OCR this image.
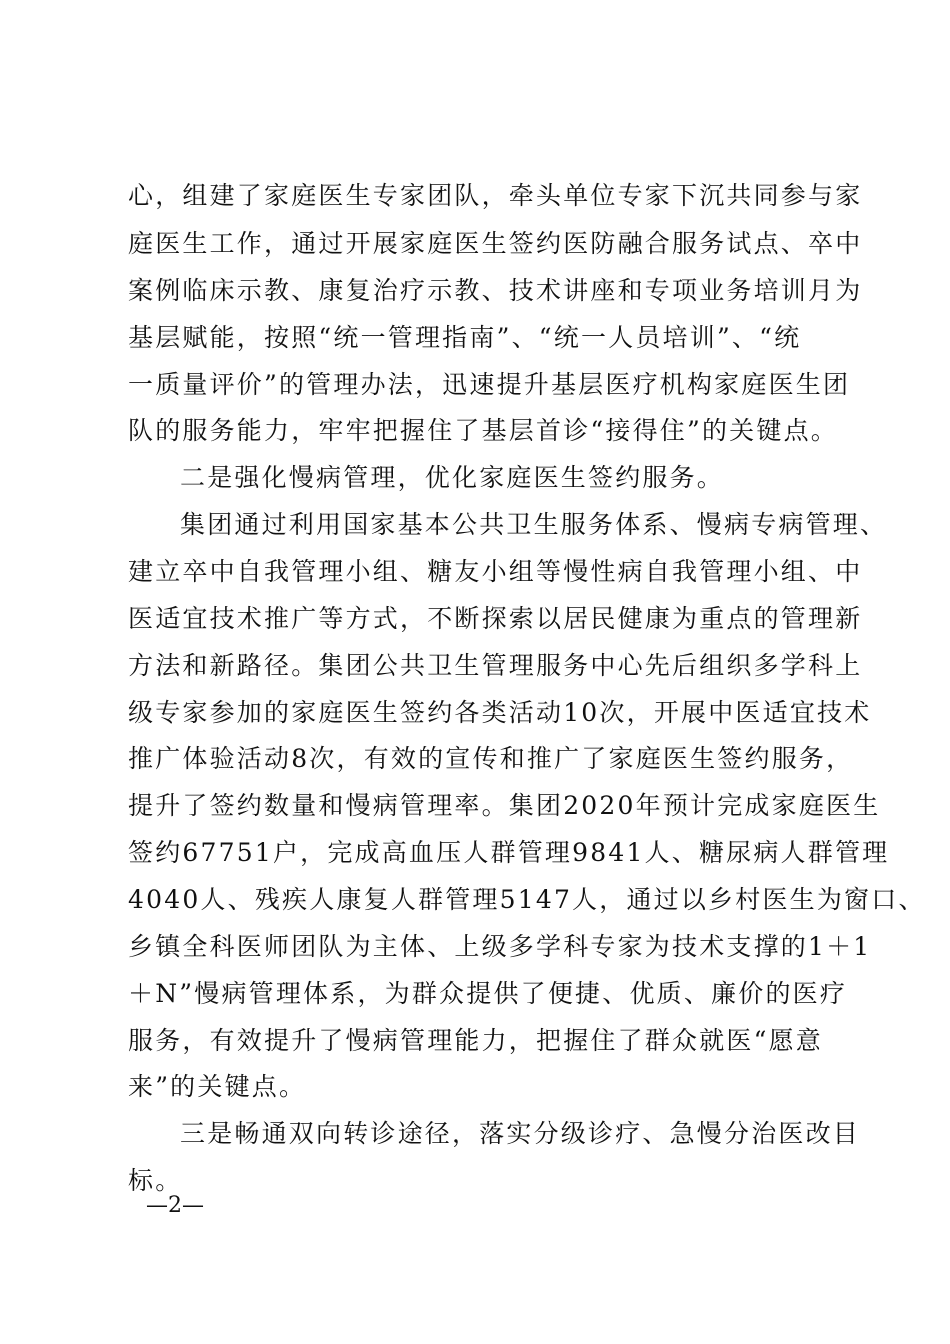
心，组建了家庭医生专家团队，牵头单位专家下沉共同参与家
庭医生工作，通过开展家庭医生签约医防融合服务试点、卒中
案例临床示教、康复治疗示教、技术讲座和专项业务培训月为
基层赋能，按照“统一管理指南”、“统一人员培训”、“统
一质量评价”的管理办法，迅速提升基层医疗机构家庭医生团
队的服务能力，牢牢把握住了基层首诊“接得住”的关键点。
二是强化慢病管理，优化家庭医生签约服务。
集团通过利用国家基本公共卫生服务体系、慢病专病管理、
建立卒中自我管理小组、糖友小组等慢性病自我管理小组、中
医适宜技术推广等方式，不断探索以居民健康为重点的管理新
方法和新路径。集团公共卫生管理服务中心先后组织多学科上
级专家参加的家庭医生签约各类活动10次，开展中医适宜技术
推广体验活动8次，有效的宣传和推广了家庭医生签约服务，
提升了签约数量和慢病管理率。集团2020年预计完成家庭医生
签约67751户，完成高血压人群管理9841人、糖尿病人群管理
4040人、残疾人康复人群管理5147人，通过以乡村医生为窗口、
乡镇全科医师团队为主体、上级多学科专家为技术支撑的1＋1
＋N”慢病管理体系，为群众提供了便捷、优质、廉价的医疗
服务，有效提升了慢病管理能力，把握住了群众就医“愿意
来”的关键点。
三是畅通双向转诊途径，落实分级诊疗、急慢分治医改目
标。
—2—
